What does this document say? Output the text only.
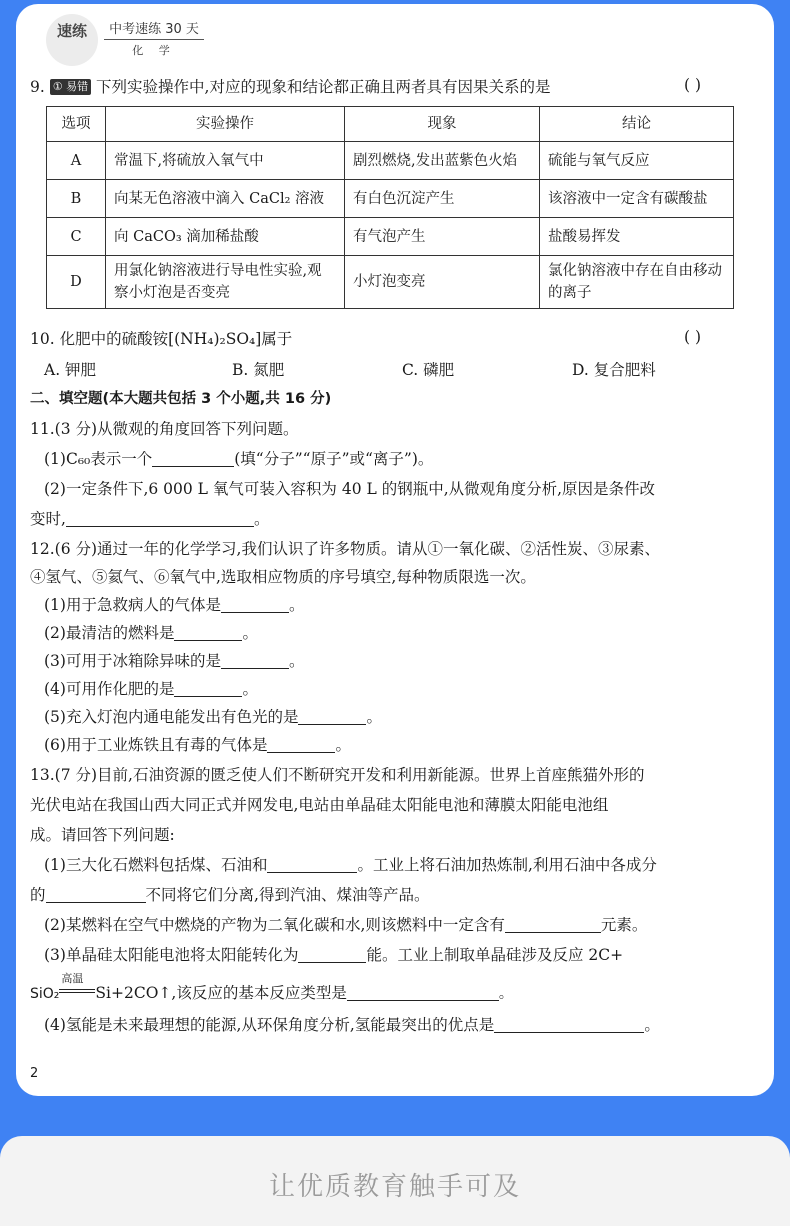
速练	中考速练 30 天
化 学
9. ① 易错 下列实验操作中,对应的现象和结论都正确且两者具有因果关系的是	( )
选项	实验操作	现象	结论
A	常温下,将硫放入氧气中	剧烈燃烧,发出蓝紫色火焰	硫能与氧气反应
B	向某无色溶液中滴入 CaCl₂ 溶液	有白色沉淀产生	该溶液中一定含有碳酸盐
C	向 CaCO₃ 滴加稀盐酸	有气泡产生	盐酸易挥发
D	用氯化钠溶液进行导电性实验,观察小灯泡是否变亮	小灯泡变亮	氯化钠溶液中存在自由移动的离子
10. 化肥中的硫酸铵[(NH₄)₂SO₄]属于	( )
A. 钾肥	B. 氮肥	C. 磷肥	D. 复合肥料
二、填空题(本大题共包括 3 个小题,共 16 分)
11.(3 分)从微观的角度回答下列问题。
(1)C₆₀表示一个	(填“分子”“原子”或“离子”)。
(2)一定条件下,6 000 L 氧气可装入容积为 40 L 的钢瓶中,从微观角度分析,原因是条件改
变时,	。
12.(6 分)通过一年的化学学习,我们认识了许多物质。请从①一氧化碳、②活性炭、③尿素、
④氢气、⑤氦气、⑥氧气中,选取相应物质的序号填空,每种物质限选一次。
(1)用于急救病人的气体是	。
(2)最清洁的燃料是	。
(3)可用于冰箱除异味的是	。
(4)可用作化肥的是	。
(5)充入灯泡内通电能发出有色光的是	。
(6)用于工业炼铁且有毒的气体是	。
13.(7 分)目前,石油资源的匮乏使人们不断研究开发和利用新能源。世界上首座熊猫外形的
光伏电站在我国山西大同正式并网发电,电站由单晶硅太阳能电池和薄膜太阳能电池组
成。请回答下列问题:
(1)三大化石燃料包括煤、石油和	。工业上将石油加热炼制,利用石油中各成分
的	不同将它们分离,得到汽油、煤油等产品。
(2)某燃料在空气中燃烧的产物为二氧化碳和水,则该燃料中一定含有	元素。
(3)单晶硅太阳能电池将太阳能转化为	能。工业上制取单晶硅涉及反应 2C+
SiO₂
高温
Si+2CO↑,该反应的基本反应类型是	。
(4)氢能是未来最理想的能源,从环保角度分析,氢能最突出的优点是	。
2
让优质教育触手可及
